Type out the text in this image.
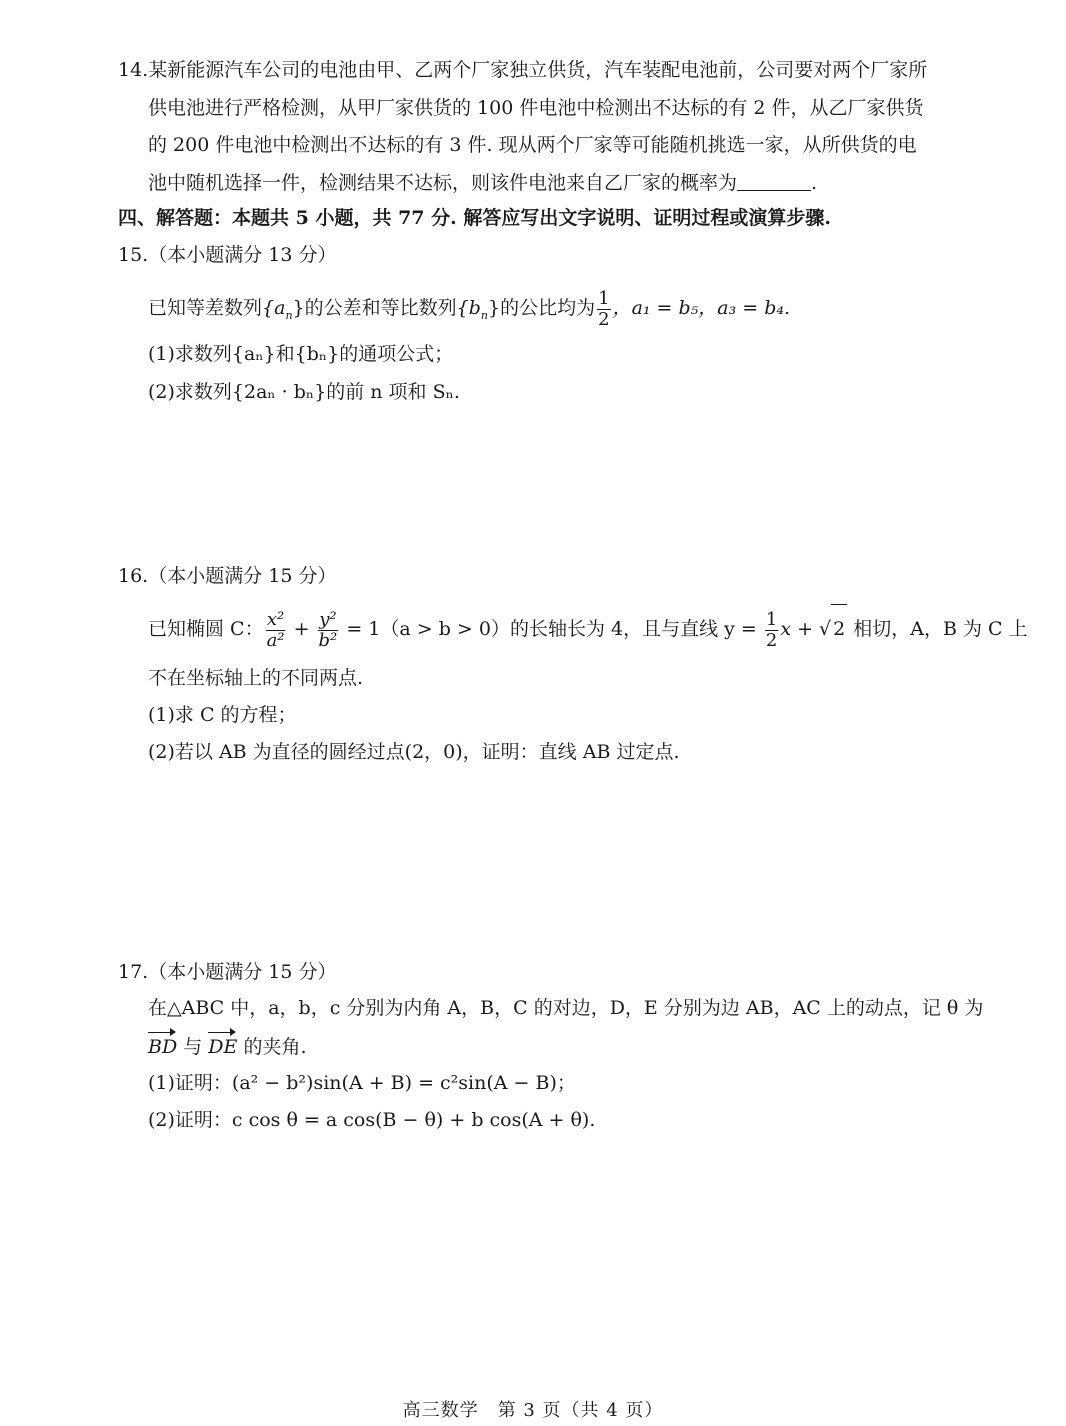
14.某新能源汽车公司的电池由甲、乙两个厂家独立供货，汽车装配电池前，公司要对两个厂家所
供电池进行严格检测，从甲厂家供货的 100 件电池中检测出不达标的有 2 件，从乙厂家供货
的 200 件电池中检测出不达标的有 3 件. 现从两个厂家等可能随机挑选一家，从所供货的电
池中随机选择一件，检测结果不达标，则该件电池来自乙厂家的概率为	.
四、解答题：本题共 5 小题，共 77 分. 解答应写出文字说明、证明过程或演算步骤.
15.（本小题满分 13 分）
已知等差数列$\{a_n\}$的公差和等比数列$\{b_n\}$的公比均为 $\frac{1}{2}$ ，a₁ = b₅，a₃ = b₄.
(1)求数列{aₙ}和{bₙ}的通项公式；
(2)求数列{2aₙ · bₙ}的前 n 项和 Sₙ.
16.（本小题满分 15 分）
已知椭圆 C： $\frac{\text{x²}}{\text{a²}} + \frac{\text{y²}}{\text{b²}} = 1(a > b > 0)$的长轴长为 4，且与直线 $y = \frac{1}{2}$ x + √ 2 相切，A，B 为 C 上
不在坐标轴上的不同两点.
(1)求 C 的方程；
(2)若以 AB 为直径的圆经过点(2，0)，证明：直线 AB 过定点.
17.（本小题满分 15 分）
在△ABC 中，a，b，c 分别为内角 A，B，C 的对边，D，E 分别为边 AB，AC 上的动点，记 θ 为
BD 与 DE 的夹角.
(1)证明：(a² − b²)sin(A + B) = c²sin(A − B)；
(2)证明：c cos θ = a cos(B − θ) + b cos(A + θ).
高三数学　第 3 页（共 4 页）
